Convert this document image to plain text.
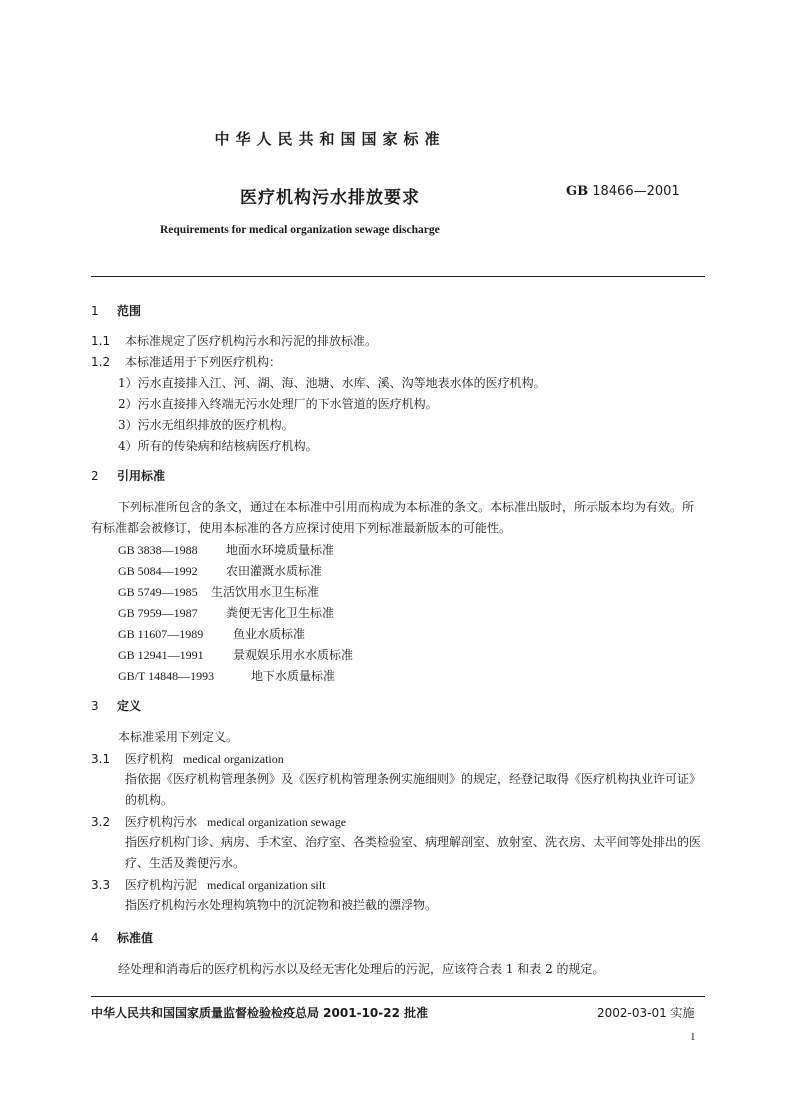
中华人民共和国国家标准
医疗机构污水排放要求	GB 18466—2001
Requirements for medical organization sewage discharge
1 范围
1.1 本标准规定了医疗机构污水和污泥的排放标准。
1.2 本标准适用于下列医疗机构：
1）污水直接排入江、河、湖、海、池塘、水库、溪、沟等地表水体的医疗机构。
2）污水直接排入终端无污水处理厂的下水管道的医疗机构。
3）污水无组织排放的医疗机构。
4）所有的传染病和结核病医疗机构。
2 引用标准
下列标准所包含的条文，通过在本标准中引用而构成为本标准的条文。本标准出版时，所示版本均为有效。所有标准都会被修订，使用本标准的各方应探讨使用下列标准最新版本的可能性。
GB 3838—1988 地面水环境质量标准
GB 5084—1992 农田灌溉水质标准
GB 5749—1985 生活饮用水卫生标准
GB 7959—1987 粪便无害化卫生标准
GB 11607—1989 鱼业水质标准
GB 12941—1991 景观娱乐用水水质标准
GB/T 14848—1993	地下水质量标准
3 定义
本标准采用下列定义。
3.1 医疗机构 medical organization
指依据《医疗机构管理条例》及《医疗机构管理条例实施细则》的规定，经登记取得《医疗机构执业许可证》的机构。
3.2 医疗机构污水 medical organization sewage
指医疗机构门诊、病房、手术室、治疗室、各类检验室、病理解剖室、放射室、洗衣房、太平间等处排出的医疗、生活及粪便污水。
3.3 医疗机构污泥 medical organization silt
指医疗机构污水处理构筑物中的沉淀物和被拦截的漂浮物。
4 标准值
经处理和消毒后的医疗机构污水以及经无害化处理后的污泥，应该符合表 1 和表 2 的规定。
中华人民共和国国家质量监督检验检疫总局 2001-10-22 批准	2002-03-01 实施
1
